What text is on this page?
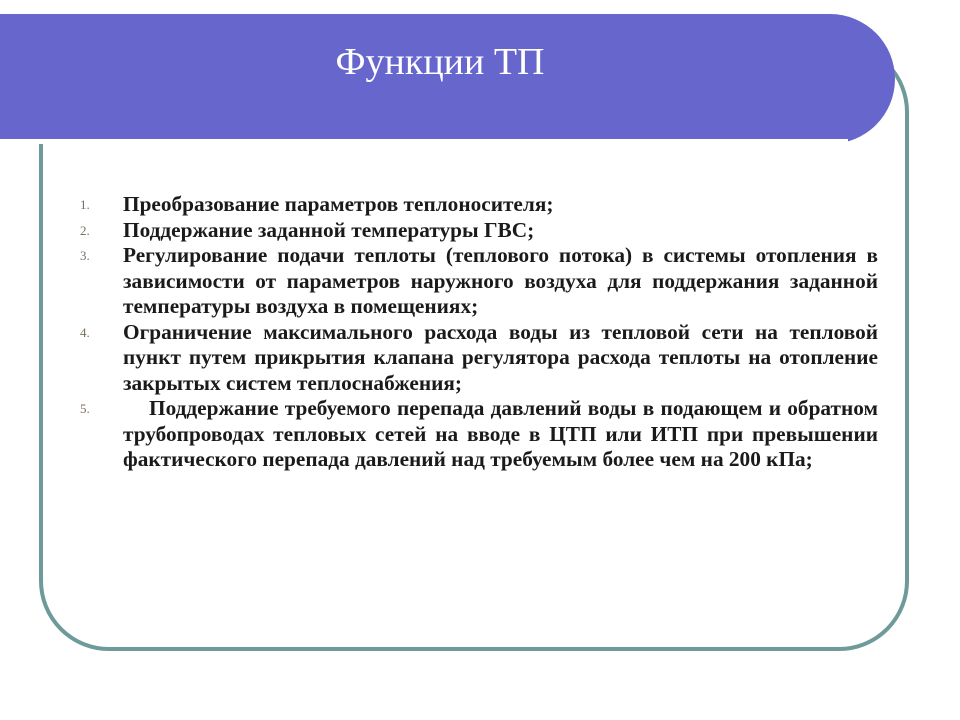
Функции ТП
1.	Преобразование параметров теплоносителя;
2.	Поддержание заданной температуры ГВС;
3.	Регулирование подачи теплоты (теплового потока) в системы отопления в зависимости от параметров наружного воздуха для поддержания заданной температуры воздуха в помещениях;
4.	Ограничение максимального расхода воды из тепловой сети на тепловой пункт путем прикрытия клапана регулятора расхода теплоты на отопление закрытых систем теплоснабжения;
5.	Поддержание требуемого перепада давлений воды в подающем и обратном трубопроводах тепловых сетей на вводе в ЦТП или ИТП при превышении фактического перепада давлений над требуемым более чем на 200 кПа;
